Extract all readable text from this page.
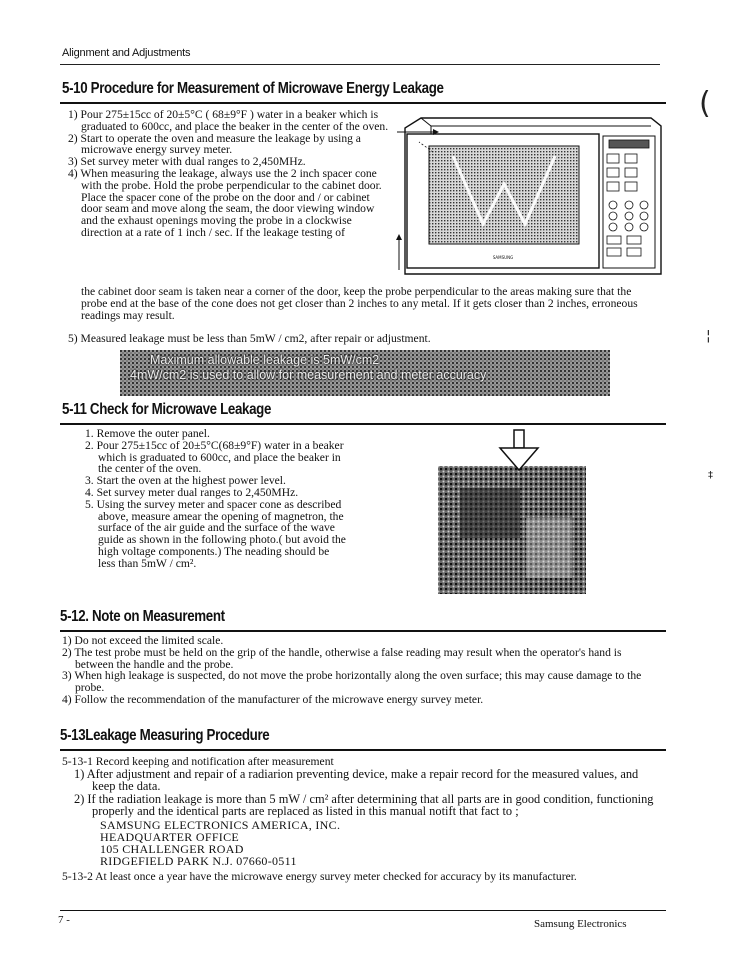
Alignment and Adjustments
5-10 Procedure for Measurement of Microwave Energy Leakage

1) Pour 275±15cc of 20±5°C ( 68±9°F ) water in a beaker which is graduated to 600cc, and place the beaker in the center of the oven.

2) Start to operate the oven and measure the leakage by using a microwave energy survey meter.

3) Set survey meter with dual ranges to 2,450MHz.

4) When measuring the leakage, always use the 2 inch spacer cone with the probe. Hold the probe perpendicular to the cabinet door. Place the spacer cone of the probe on the door and / or cabinet door seam and move along the seam, the door viewing window and the exhaust openings moving the probe in a clockwise direction at a rate of 1 inch / sec. If the leakage testing of

the cabinet door seam is taken near a corner of the door, keep the probe perpendicular to the areas making sure that the probe end at the base of the cone does not get closer than 2 inches to any metal. If it gets closer than 2 inches, erroneous readings may result.
5) Measured leakage must be less than 5mW / cm2, after repair or adjustment.
SAMSUNG
Maximum allowable leakage is 5mW/cm2
4mW/cm2 is used to allow for measurement and meter accuracy
5-11 Check for Microwave Leakage

1. Remove the outer panel.

2. Pour 275±15cc of 20±5°C(68±9°F) water in a beaker which is graduated to 600cc, and place the beaker in the center of the oven.

3. Start the oven at the highest power level.

4. Set survey meter dual ranges to 2,450MHz.

5. Using the survey meter and spacer cone as described above, measure amear the opening of magnetron, the surface of the air guide and the surface of the wave guide as shown in the following photo.( but avoid the high voltage components.) The neading should be less than 5mW / cm².

5-12. Note on Measurement

1) Do not exceed the limited scale.

2) The test probe must be held on the grip of the handle, otherwise a false reading may result when the operator's hand is between the handle and the probe.

3) When high leakage is suspected, do not move the probe horizontally along the oven surface; this may cause damage to the probe.

4) Follow the recommendation of the manufacturer of the microwave energy survey meter.

5-13Leakage Measuring Procedure

5-13-1 Record keeping and notification after measurement

1) After adjustment and repair of a radiarion preventing device, make a repair record for the measured values, and keep the data.

2) If the radiation leakage is more than 5 mW / cm² after determining that all parts are in good condition, functioning properly and the identical parts are replaced as listed in this manual notift that fact to ;

SAMSUNG ELECTRONICS AMERICA, INC.
HEADQUARTER OFFICE
105 CHALLENGER ROAD
RIDGEFIELD PARK N.J. 07660-0511

5-13-2 At least once a year have the microwave energy survey meter checked for accuracy by its manufacturer.

7 -	Samsung Electronics
(
¦
‡
